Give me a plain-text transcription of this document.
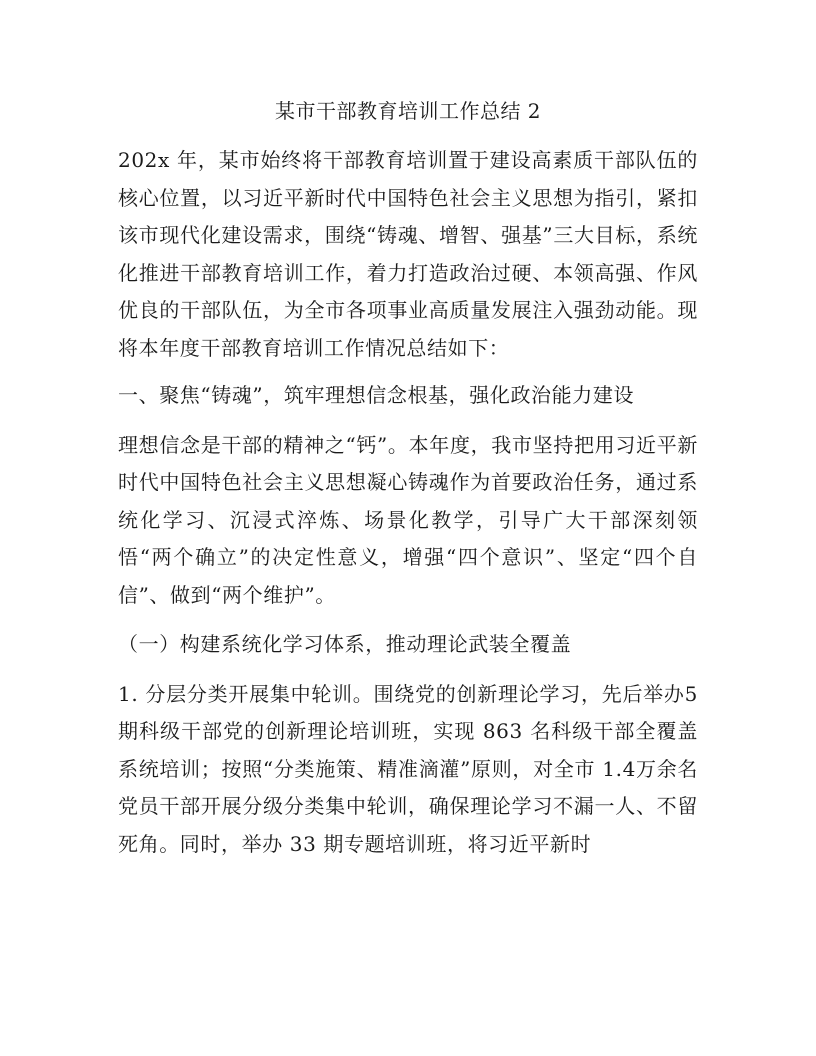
某市干部教育培训工作总结 2

202x 年，某市始终将干部教育培训置于建设高素质干部队伍的核心位置，以习近平新时代中国特色社会主义思想为指引，紧扣该市现代化建设需求，围绕“铸魂、增智、强基”三大目标，系统化推进干部教育培训工作，着力打造政治过硬、本领高强、作风优良的干部队伍，为全市各项事业高质量发展注入强劲动能。现将本年度干部教育培训工作情况总结如下：

一、聚焦“铸魂”，筑牢理想信念根基，强化政治能力建设

理想信念是干部的精神之“钙”。本年度，我市坚持把用习近平新时代中国特色社会主义思想凝心铸魂作为首要政治任务，通过系统化学习、沉浸式淬炼、场景化教学，引导广大干部深刻领悟“两个确立”的决定性意义，增强“四个意识”、坚定“四个自信”、做到“两个维护”。

（一）构建系统化学习体系，推动理论武装全覆盖

1. 分层分类开展集中轮训。围绕党的创新理论学习，先后举办5 期科级干部党的创新理论培训班，实现 863 名科级干部全覆盖系统培训；按照“分类施策、精准滴灌”原则，对全市 1.4万余名党员干部开展分级分类集中轮训，确保理论学习不漏一人、不留死角。同时，举办 33 期专题培训班，将习近平新时
